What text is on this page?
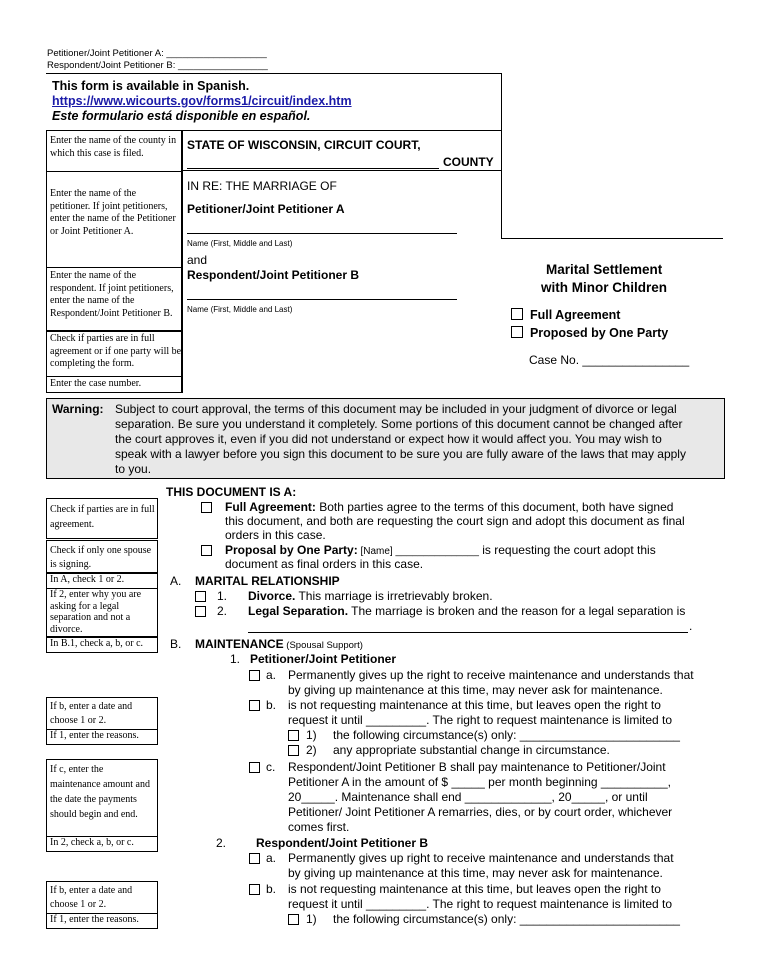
Petitioner/Joint Petitioner A: ___________________
Respondent/Joint Petitioner B: _________________
This form is available in Spanish.
https://www.wicourts.gov/forms1/circuit/index.htm
Este formulario está disponible en español.
Enter the name of the county in which this case is filed.
Enter the name of the petitioner. If joint petitioners, enter the name of the Petitioner or Joint Petitioner A.
Enter the name of the respondent. If joint petitioners, enter the name of the Respondent/Joint Petitioner B.
Check if parties are in full agreement or if one party will be completing the form.
Enter the case number.
STATE OF WISCONSIN, CIRCUIT COURT,
COUNTY
IN RE: THE MARRIAGE OF
Petitioner/Joint Petitioner A
Name (First, Middle and Last)
and
Respondent/Joint Petitioner B
Name (First, Middle and Last)
Marital Settlement
with Minor Children
Full Agreement
Proposed by One Party
Case No. ________________
Warning: Subject to court approval, the terms of this document may be included in your judgment of divorce or legal
separation. Be sure you understand it completely. Some portions of this document cannot be changed after
the court approves it, even if you did not understand or expect how it would affect you. You may wish to
speak with a lawyer before you sign this document to be sure you are fully aware of the laws that may apply
to you.
Check if parties are in full agreement.
Check if only one spouse is signing.
In A, check 1 or 2.
If 2, enter why you are asking for a legal separation and not a divorce.
In B.1, check a, b, or c.
If b, enter a date and choose 1 or 2.
If 1, enter the reasons.
If c, enter the maintenance amount and the date the payments should begin and end.
In 2, check a, b, or c.
If b, enter a date and choose 1 or 2.
If 1, enter the reasons.
THIS DOCUMENT IS A:
Full Agreement: Both parties agree to the terms of this document, both have signed
this document, and both are requesting the court sign and adopt this document as final
orders in this case.
Proposal by One Party: [Name] _______________ is requesting the court adopt this
document as final orders in this case.
A. MARITAL RELATIONSHIP
1. Divorce. This marriage is irretrievably broken.
2. Legal Separation. The marriage is broken and the reason for a legal separation is
.
B. MAINTENANCE (Spousal Support)
1. Petitioner/Joint Petitioner
a. Permanently gives up the right to receive maintenance and understands that
by giving up maintenance at this time, may never ask for maintenance.
b. is not requesting maintenance at this time, but leaves open the right to
request it until _________. The right to request maintenance is limited to
1) the following circumstance(s) only: ________________________
2) any appropriate substantial change in circumstance.
c. Respondent/Joint Petitioner B shall pay maintenance to Petitioner/Joint
Petitioner A in the amount of $ _____ per month beginning __________,
20_____. Maintenance shall end _____________, 20_____, or until
Petitioner/ Joint Petitioner A remarries, dies, or by court order, whichever
comes first.
2. Respondent/Joint Petitioner B
a. Permanently gives up right to receive maintenance and understands that
by giving up maintenance at this time, may never ask for maintenance.
b. is not requesting maintenance at this time, but leaves open the right to
request it until _________. The right to request maintenance is limited to
1) the following circumstance(s) only: ________________________
